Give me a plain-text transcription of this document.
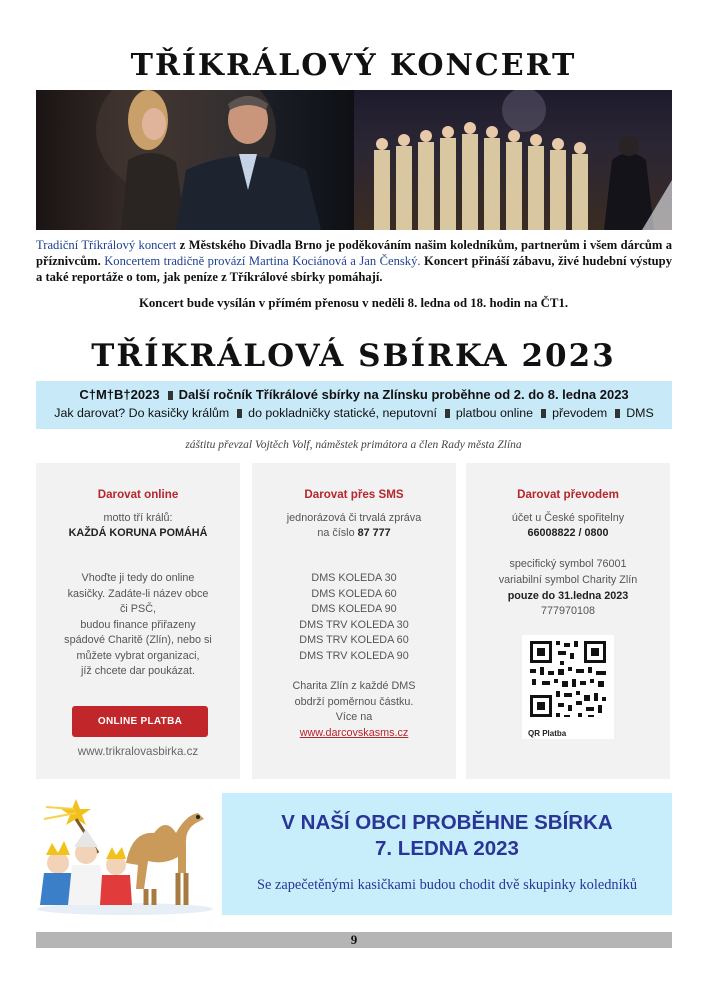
TŘÍKRÁLOVÝ KONCERT
Tradiční Tříkrálový koncert z Městského Divadla Brno je poděkováním našim koledníkům, partnerům i všem dárcům a příznivcům. Koncertem tradičně provází Martina Kociánová a Jan Čenský. Koncert přináší zábavu, živé hudební výstupy a také reportáže o tom, jak peníze z Tříkrálové sbírky pomáhají.
Koncert bude vysílán v přímém přenosu v neděli 8. ledna od 18. hodin na ČT1.
TŘÍKRÁLOVÁ SBÍRKA 2023
C†M†B†2023 Další ročník Tříkrálové sbírky na Zlínsku proběhne od 2. do 8. ledna 2023
Jak darovat? Do kasičky králům do pokladničky statické, neputovní platbou online převodem DMS
záštitu převzal Vojtěch Volf, náměstek primátora a člen Rady města Zlína
Darovat online
motto tří králů:
KAŽDÁ KORUNA POMÁHÁ
Vhoďte ji tedy do online
kasičky. Zadáte-li název obce
či PSČ,
budou finance přiřazeny
spádové Charitě (Zlín), nebo si
můžete vybrat organizaci,
jíž chcete dar poukázat.
ONLINE PLATBA
www.trikralovasbirka.cz
Darovat přes SMS
jednorázová či trvalá zpráva
na číslo 87 777
DMS KOLEDA 30
DMS KOLEDA 60
DMS KOLEDA 90
DMS TRV KOLEDA 30
DMS TRV KOLEDA 60
DMS TRV KOLEDA 90
Charita Zlín z každé DMS
obdrží poměrnou částku.
Více na
www.darcovskasms.cz
Darovat převodem
účet u České spořitelny
66008822 / 0800
specifický symbol 76001
variabilní symbol Charity Zlín
pouze do 31.ledna 2023
777970108
QR Platba
V NAŠÍ OBCI PROBĚHNE SBÍRKA
7. LEDNA 2023
Se zapečetěnými kasičkami budou chodit dvě skupinky koledníků
9
